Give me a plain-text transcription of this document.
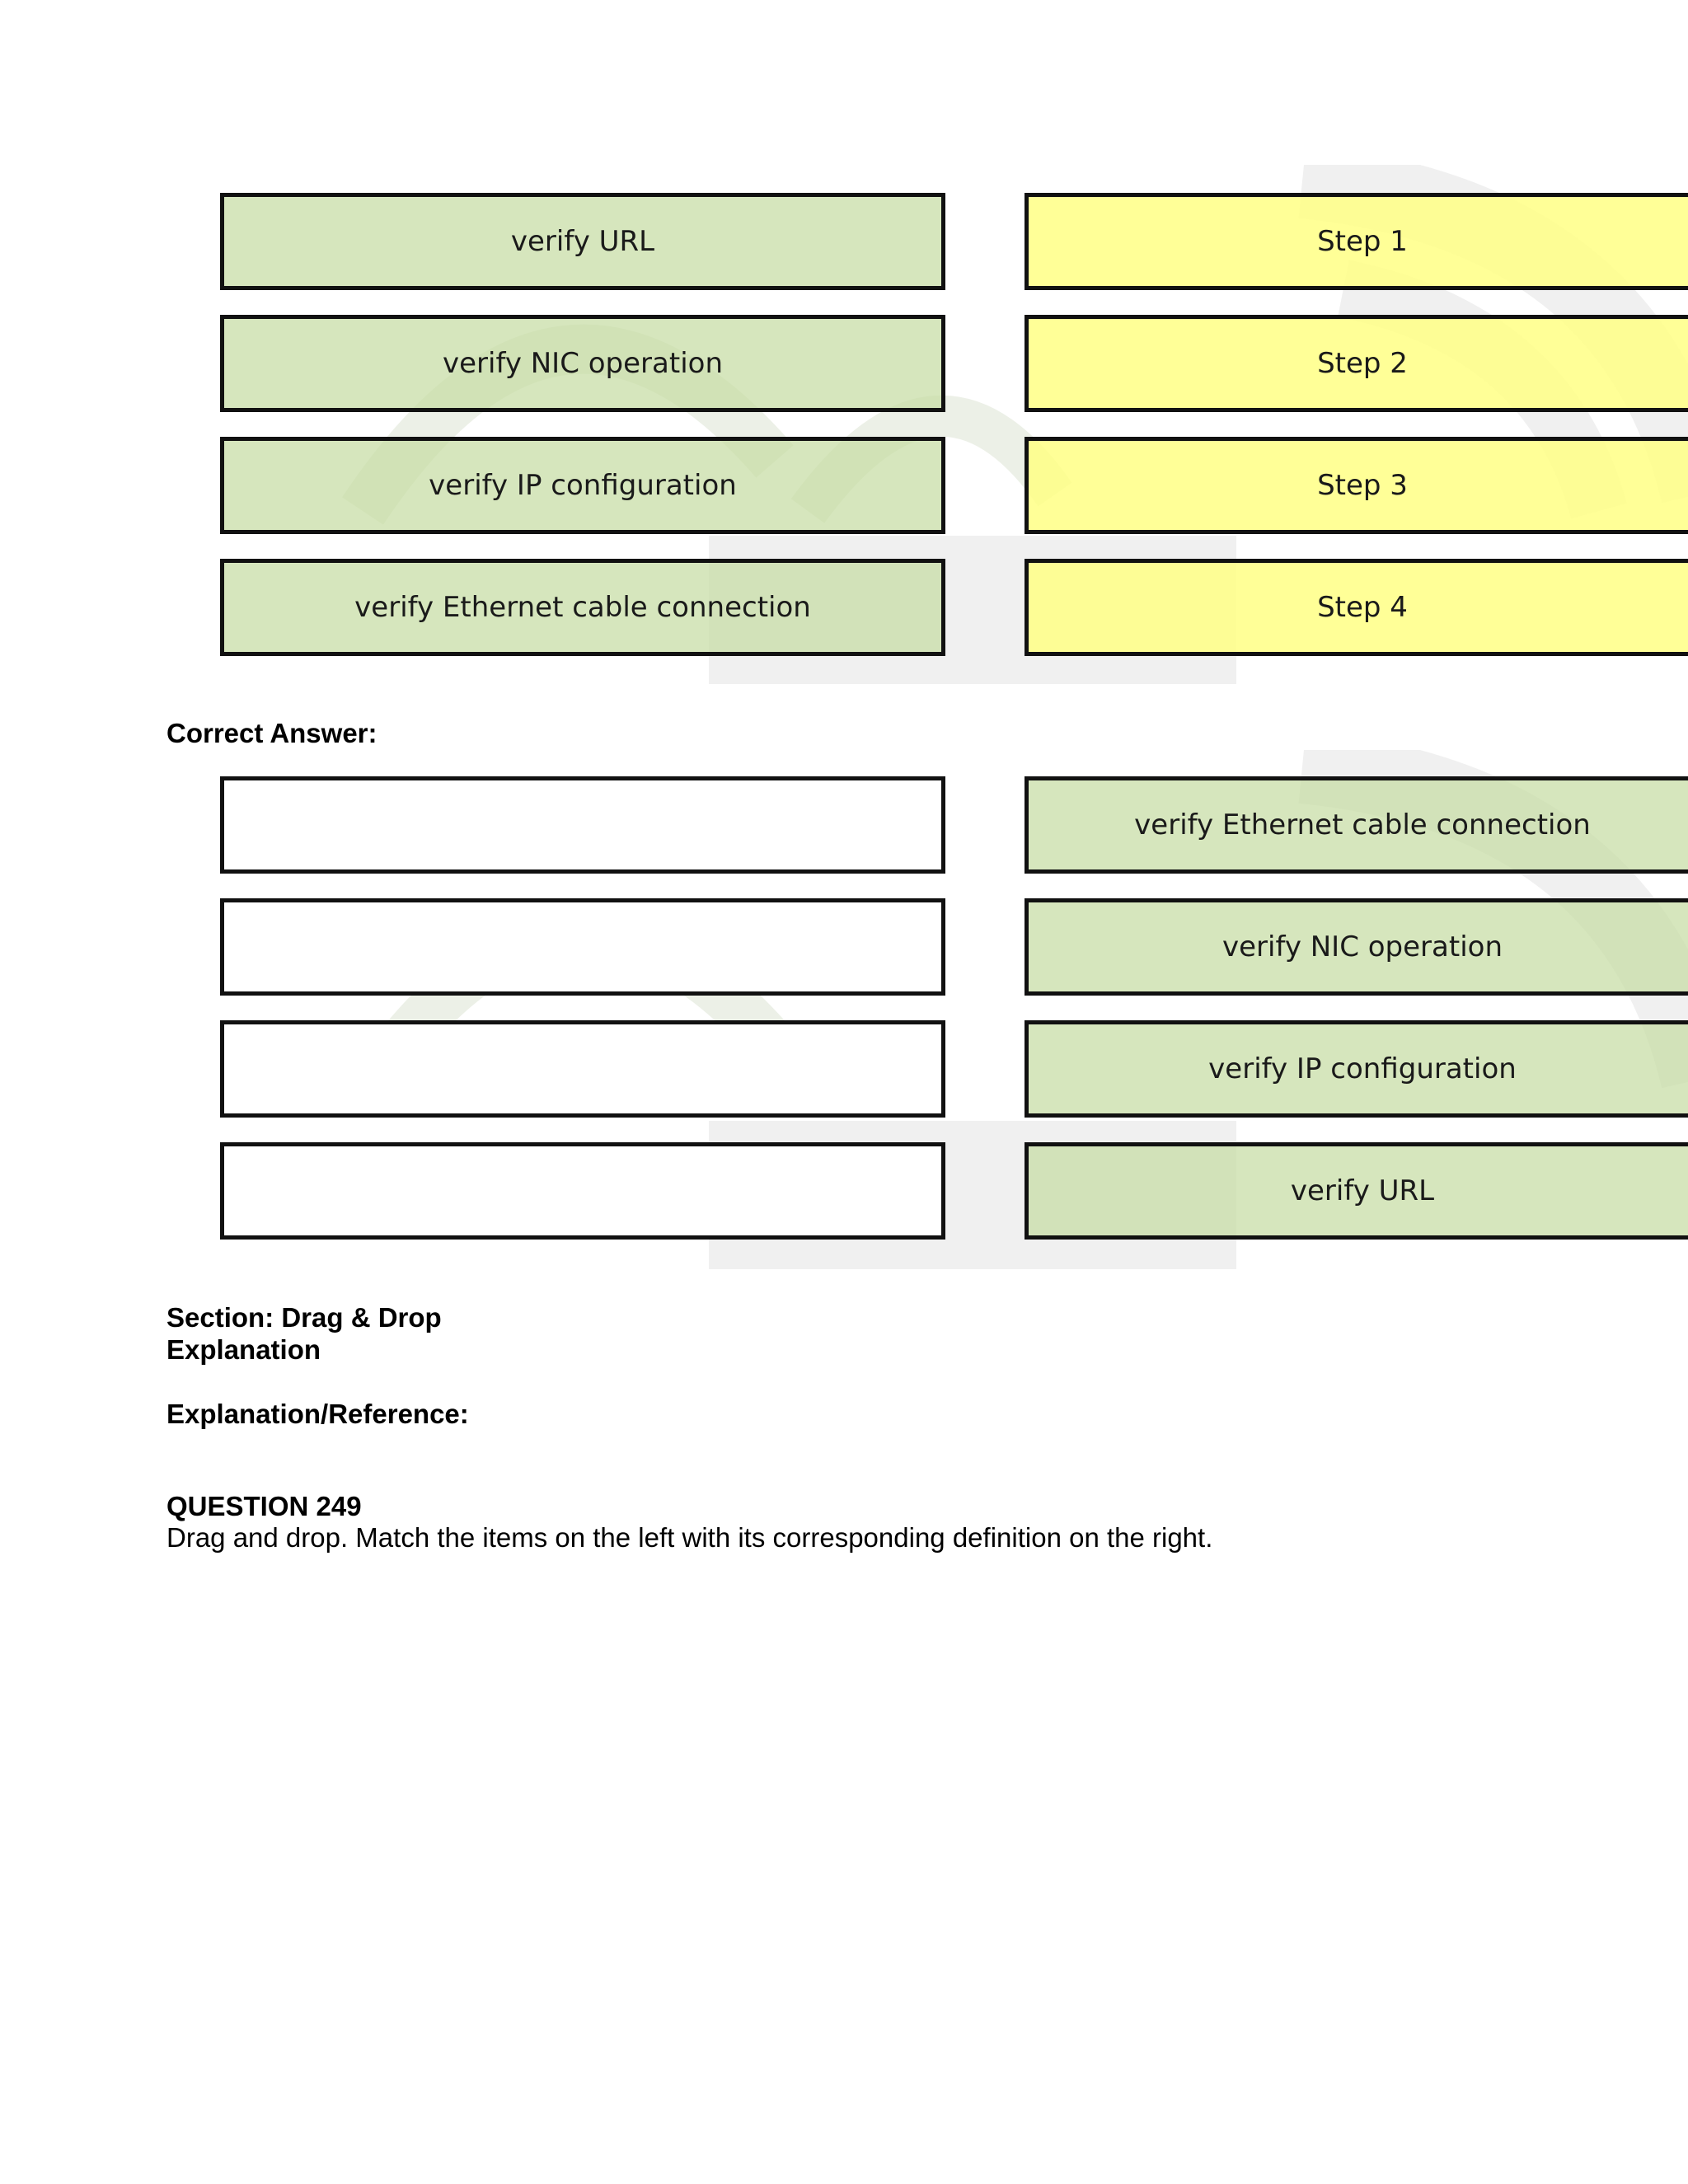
verify URL
verify NIC operation
verify IP configuration
verify Ethernet cable connection
Step 1
Step 2
Step 3
Step 4
Correct Answer:
verify Ethernet cable connection
verify NIC operation
verify IP configuration
verify URL
Section: Drag & Drop
Explanation
Explanation/Reference:
QUESTION 249
Drag and drop. Match the items on the left with its corresponding definition on the right.
